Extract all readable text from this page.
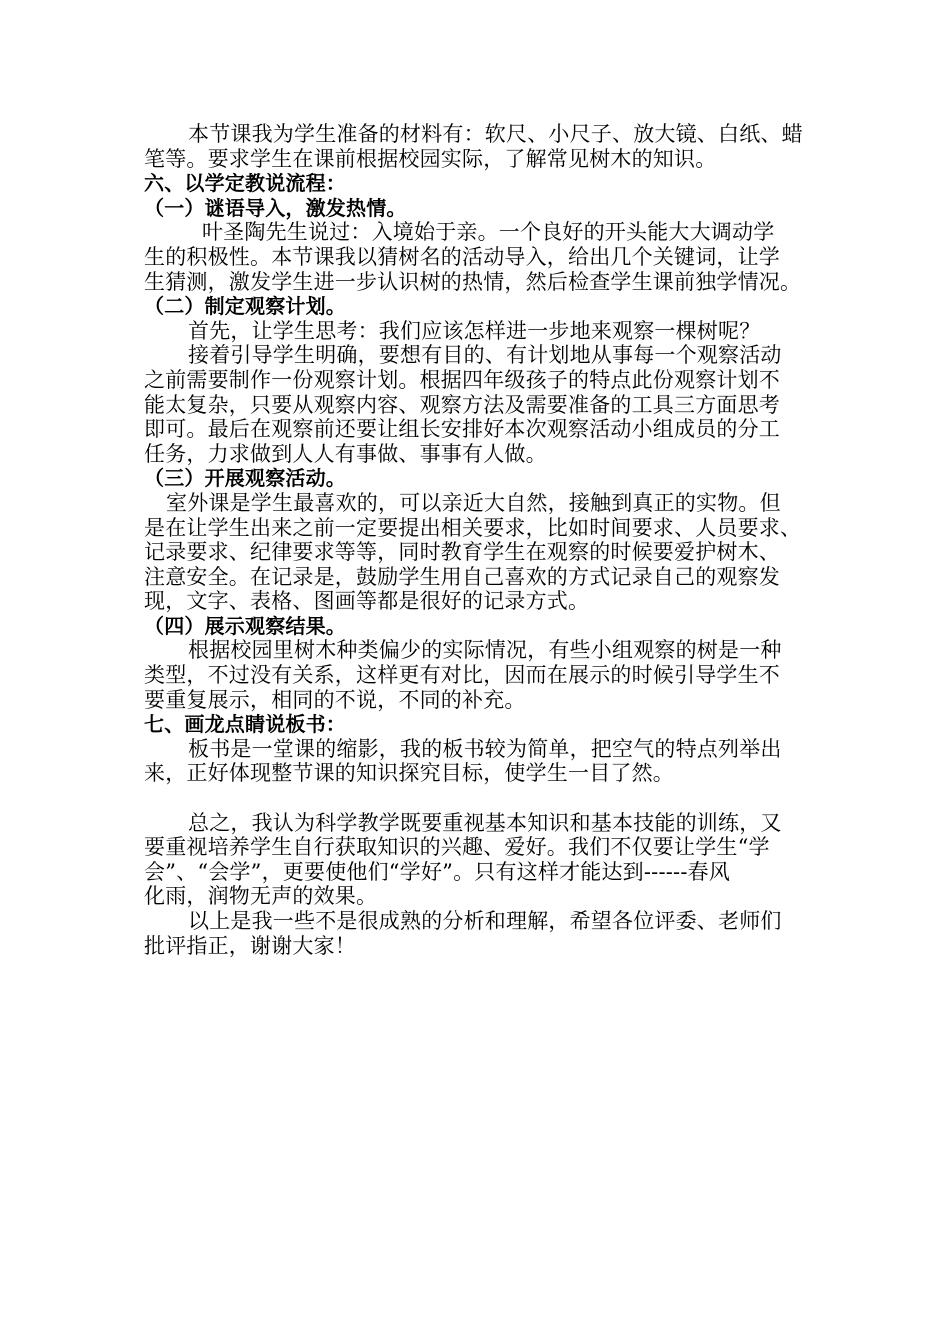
本节课我为学生准备的材料有：软尺、小尺子、放大镜、白纸、蜡
笔等。要求学生在课前根据校园实际，了解常见树木的知识。
六、以学定教说流程：
（一）谜语导入，激发热情。
叶圣陶先生说过：入境始于亲。一个良好的开头能大大调动学
生的积极性。本节课我以猜树名的活动导入，给出几个关键词，让学
生猜测，激发学生进一步认识树的热情，然后检查学生课前独学情况。
（二）制定观察计划。
首先，让学生思考：我们应该怎样进一步地来观察一棵树呢？
接着引导学生明确，要想有目的、有计划地从事每一个观察活动
之前需要制作一份观察计划。根据四年级孩子的特点此份观察计划不
能太复杂，只要从观察内容、观察方法及需要准备的工具三方面思考
即可。最后在观察前还要让组长安排好本次观察活动小组成员的分工
任务，力求做到人人有事做、事事有人做。
（三）开展观察活动。
室外课是学生最喜欢的，可以亲近大自然，接触到真正的实物。但
是在让学生出来之前一定要提出相关要求，比如时间要求、人员要求、
记录要求、纪律要求等等，同时教育学生在观察的时候要爱护树木、
注意安全。在记录是，鼓励学生用自己喜欢的方式记录自己的观察发
现，文字、表格、图画等都是很好的记录方式。
（四）展示观察结果。
根据校园里树木种类偏少的实际情况，有些小组观察的树是一种
类型，不过没有关系，这样更有对比，因而在展示的时候引导学生不
要重复展示，相同的不说，不同的补充。
七、画龙点睛说板书：
板书是一堂课的缩影，我的板书较为简单，把空气的特点列举出
来，正好体现整节课的知识探究目标，使学生一目了然。
总之，我认为科学教学既要重视基本知识和基本技能的训练，又
要重视培养学生自行获取知识的兴趣、爱好。我们不仅要让学生“学
会”、“会学”，更要使他们“学好”。只有这样才能达到------春风
化雨，润物无声的效果。
以上是我一些不是很成熟的分析和理解，希望各位评委、老师们
批评指正，谢谢大家！
